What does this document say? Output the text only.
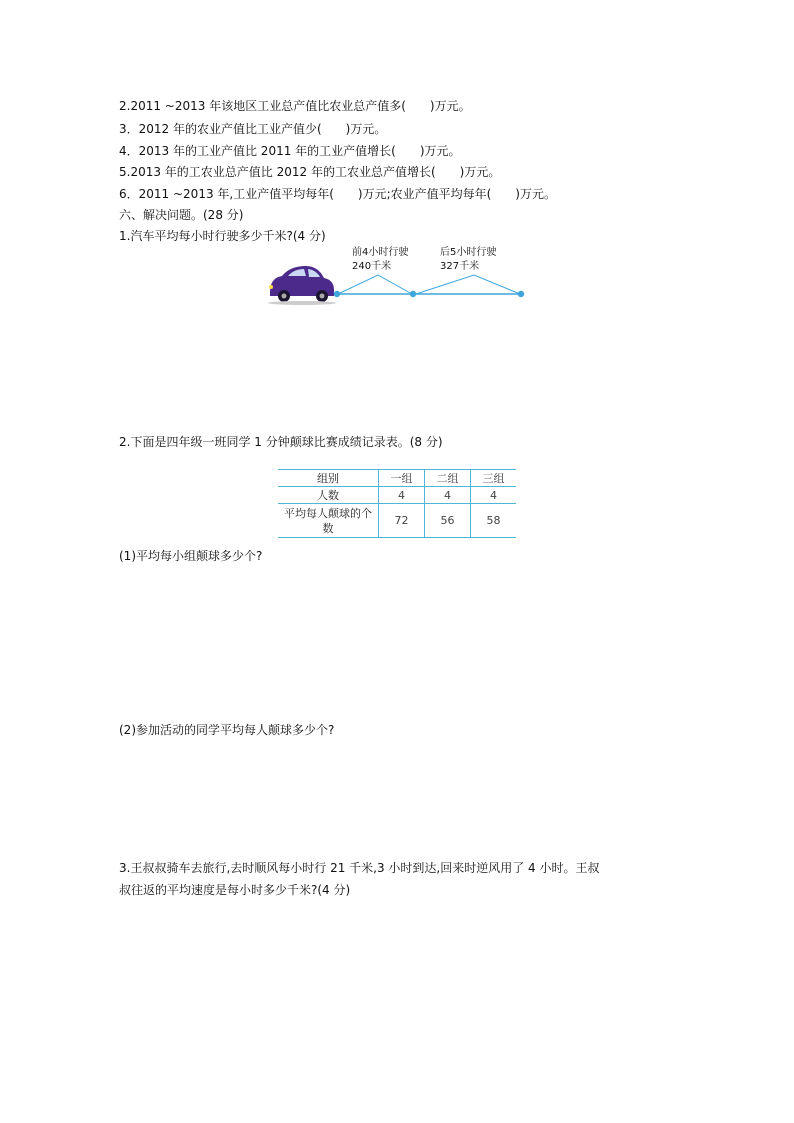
2.2011 ~2013 年该地区工业总产值比农业总产值多(　　)万元。
3．2012 年的农业产值比工业产值少(　　)万元。
4．2013 年的工业产值比 2011 年的工业产值增长(　　)万元。
5.2013 年的工农业总产值比 2012 年的工农业总产值增长(　　)万元。
6．2011 ~2013 年,工业产值平均每年(　　)万元;农业产值平均每年(　　)万元。
六、解决问题。(28 分)
1.汽车平均每小时行驶多少千米?(4 分)
前4小时行驶
240千米
后5小时行驶
327千米
2.下面是四年级一班同学 1 分钟颠球比赛成绩记录表。(8 分)
组别	一组	二组	三组
人数	4	4	4
平均每人颠球的个
数	72	56	58
(1)平均每小组颠球多少个?
(2)参加活动的同学平均每人颠球多少个?
3.王叔叔骑车去旅行,去时顺风每小时行 21 千米,3 小时到达,回来时逆风用了 4 小时。王叔
叔往返的平均速度是每小时多少千米?(4 分)
